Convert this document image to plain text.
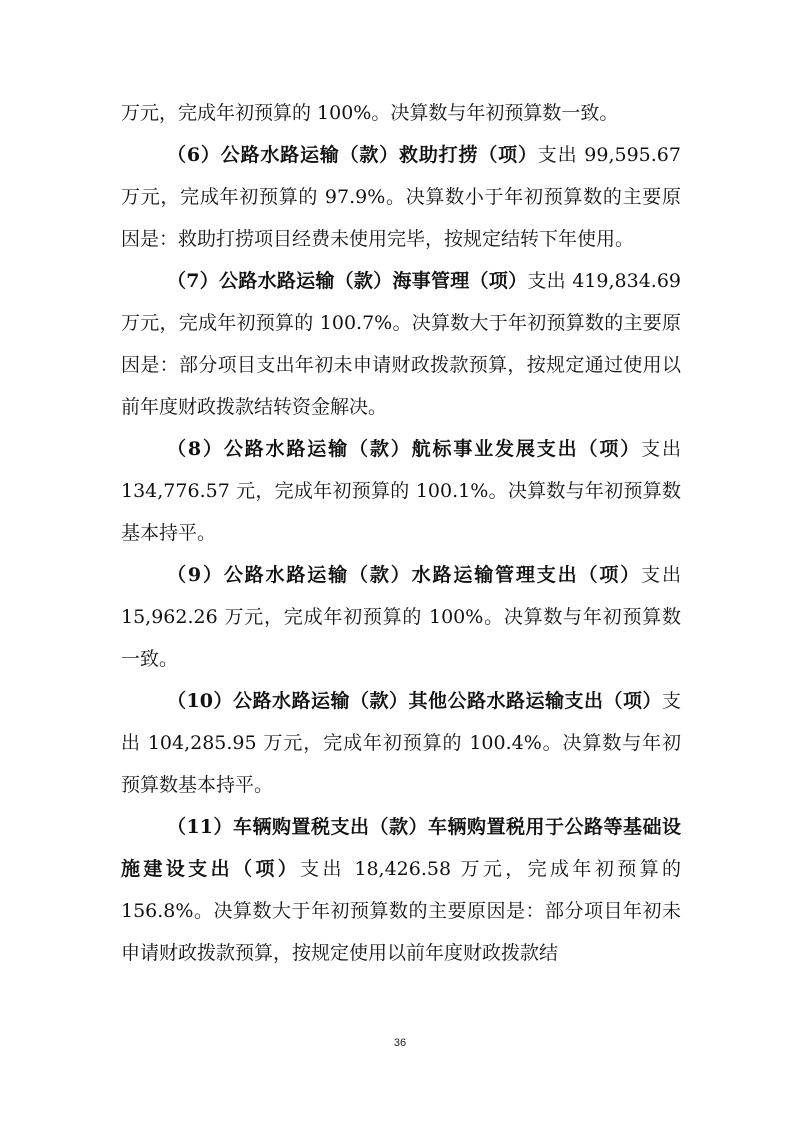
万元，完成年初预算的 100%。决算数与年初预算数一致。

（6）公路水路运输（款）救助打捞（项）支出 99,595.67 万元，完成年初预算的 97.9%。决算数小于年初预算数的主要原因是：救助打捞项目经费未使用完毕，按规定结转下年使用。

（7）公路水路运输（款）海事管理（项）支出 419,834.69 万元，完成年初预算的 100.7%。决算数大于年初预算数的主要原因是：部分项目支出年初未申请财政拨款预算，按规定通过使用以前年度财政拨款结转资金解决。

（8）公路水路运输（款）航标事业发展支出（项）支出 134,776.57 元，完成年初预算的 100.1%。决算数与年初预算数基本持平。

（9）公路水路运输（款）水路运输管理支出（项）支出 15,962.26 万元，完成年初预算的 100%。决算数与年初预算数一致。

（10）公路水路运输（款）其他公路水路运输支出（项）支出 104,285.95 万元，完成年初预算的 100.4%。决算数与年初预算数基本持平。

（11）车辆购置税支出（款）车辆购置税用于公路等基础设施建设支出（项）支出 18,426.58 万元，完成年初预算的 156.8%。决算数大于年初预算数的主要原因是：部分项目年初未申请财政拨款预算，按规定使用以前年度财政拨款结

36
